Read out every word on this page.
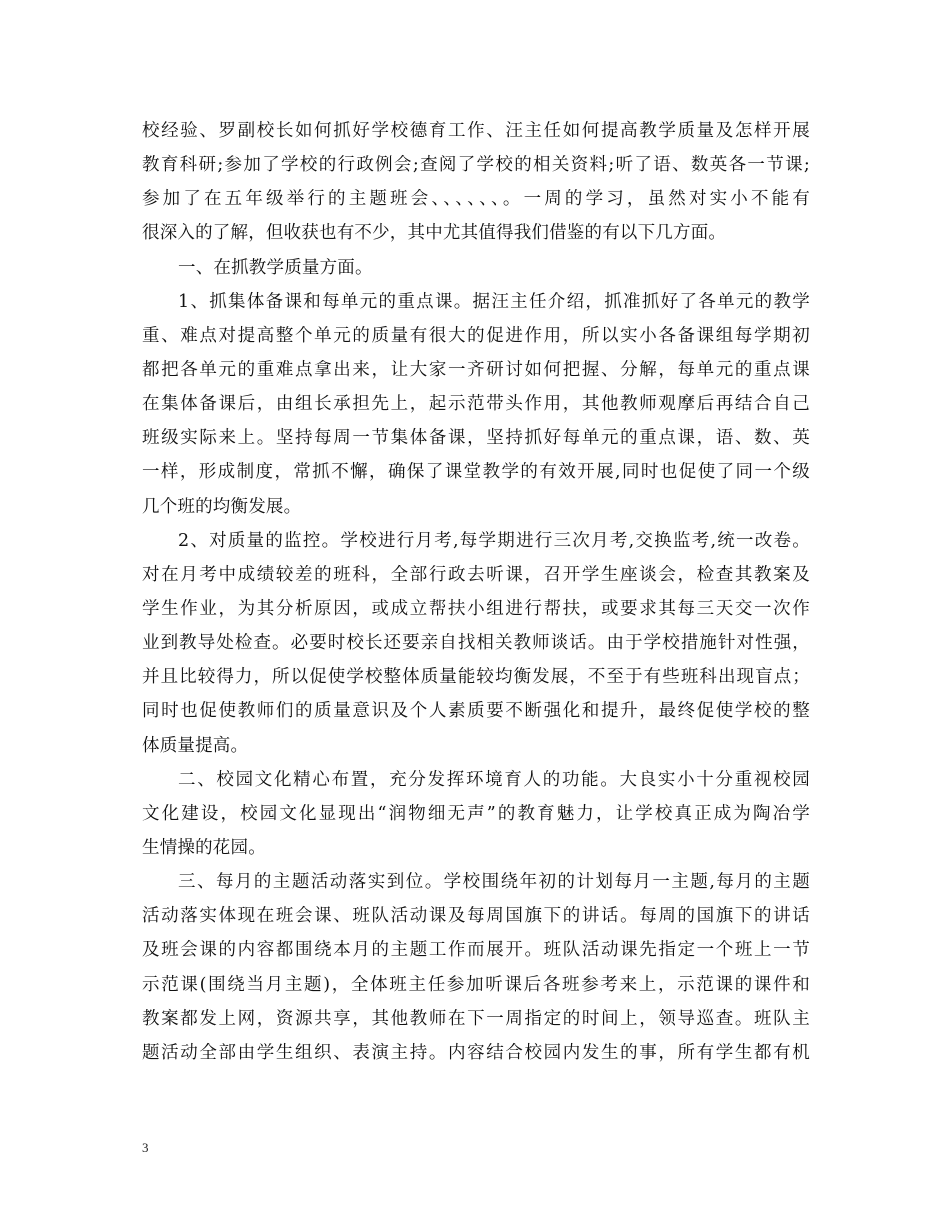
校经验、罗副校长如何抓好学校德育工作、汪主任如何提高教学质量及怎样开展
教育科研;参加了学校的行政例会;查阅了学校的相关资料;听了语、数英各一节课;
参加了在五年级举行的主题班会、、、、、、。一周的学习，虽然对实小不能有
很深入的了解，但收获也有不少，其中尤其值得我们借鉴的有以下几方面。
一、在抓教学质量方面。
1、抓集体备课和每单元的重点课。据汪主任介绍，抓准抓好了各单元的教学
重、难点对提高整个单元的质量有很大的促进作用，所以实小各备课组每学期初
都把各单元的重难点拿出来，让大家一齐研讨如何把握、分解，每单元的重点课
在集体备课后，由组长承担先上，起示范带头作用，其他教师观摩后再结合自己
班级实际来上。坚持每周一节集体备课，坚持抓好每单元的重点课，语、数、英
一样，形成制度，常抓不懈，确保了课堂教学的有效开展,同时也促使了同一个级
几个班的均衡发展。
2、对质量的监控。学校进行月考,每学期进行三次月考,交换监考,统一改卷。
对在月考中成绩较差的班科，全部行政去听课，召开学生座谈会，检查其教案及
学生作业，为其分析原因，或成立帮扶小组进行帮扶，或要求其每三天交一次作
业到教导处检查。必要时校长还要亲自找相关教师谈话。由于学校措施针对性强，
并且比较得力，所以促使学校整体质量能较均衡发展，不至于有些班科出现盲点；
同时也促使教师们的质量意识及个人素质要不断强化和提升，最终促使学校的整
体质量提高。
二、校园文化精心布置，充分发挥环境育人的功能。大良实小十分重视校园
文化建设，校园文化显现出“润物细无声”的教育魅力，让学校真正成为陶冶学
生情操的花园。
三、每月的主题活动落实到位。学校围绕年初的计划每月一主题,每月的主题
活动落实体现在班会课、班队活动课及每周国旗下的讲话。每周的国旗下的讲话
及班会课的内容都围绕本月的主题工作而展开。班队活动课先指定一个班上一节
示范课(围绕当月主题)，全体班主任参加听课后各班参考来上，示范课的课件和
教案都发上网，资源共享，其他教师在下一周指定的时间上，领导巡查。班队主
题活动全部由学生组织、表演主持。内容结合校园内发生的事，所有学生都有机
3
